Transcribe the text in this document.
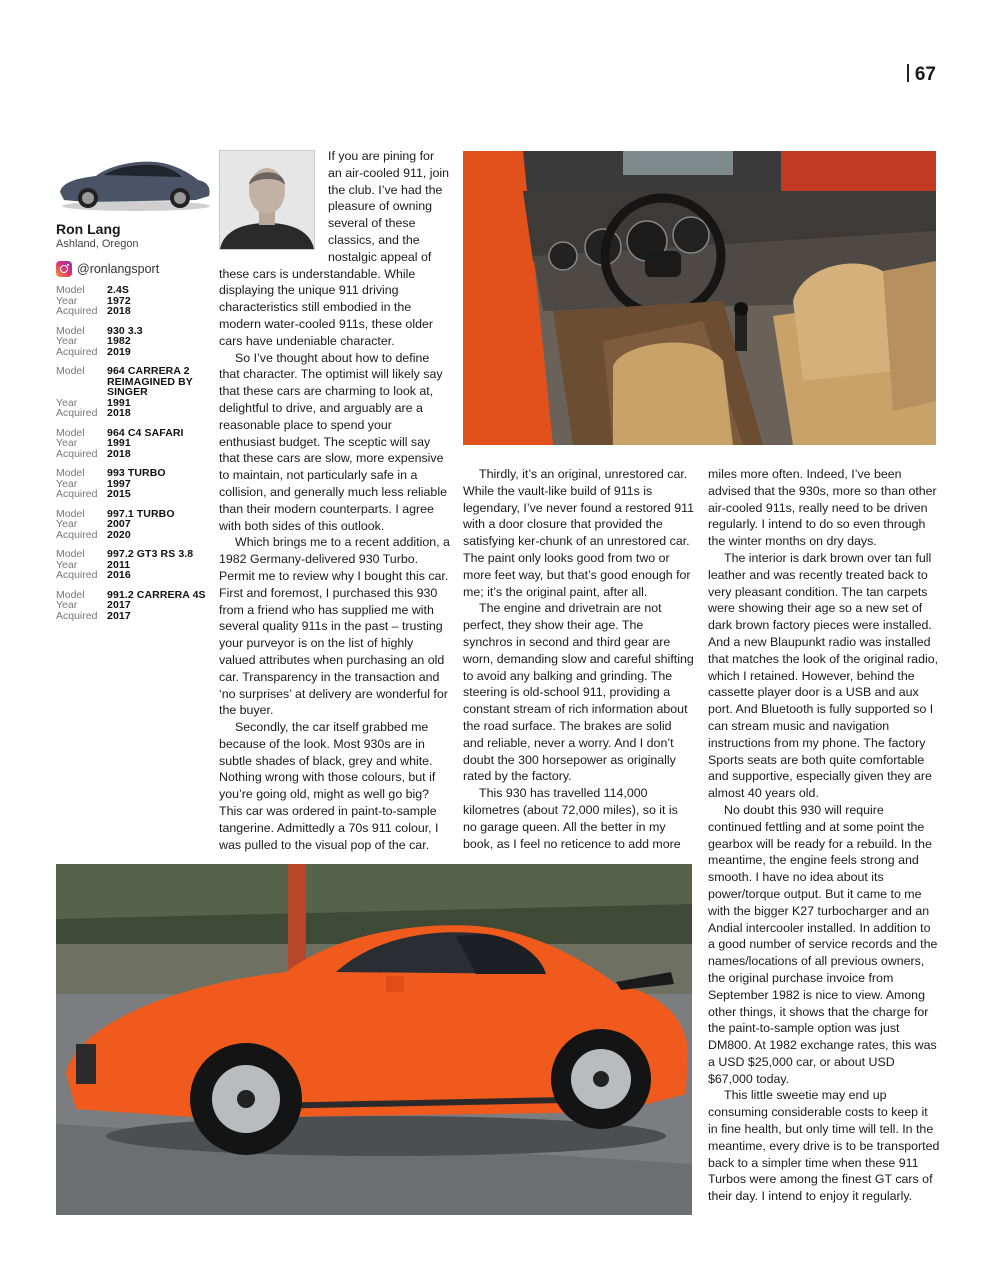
67
Ron Lang
Ashland, Oregon
@ronlangsport
Model	2.4S
Year	1972
Acquired 2018
Model	930 3.3
Year	1982
Acquired 2019
Model	964 CARRERA 2
REIMAGINED BY
SINGER
Year	1991
Acquired 2018
Model	964 C4 SAFARI
Year	1991
Acquired 2018
Model	993 TURBO
Year	1997
Acquired 2015
Model	997.1 TURBO
Year	2007
Acquired 2020
Model	997.2 GT3 RS 3.8
Year	2011
Acquired 2016
Model	991.2 CARRERA 4S
Year	2017
Acquired 2017

If you are pining for an air-cooled 911, join the club. I’ve had the pleasure of owning several of these classics, and the nostalgic appeal of these cars is understandable. While displaying the unique 911 driving characteristics still embodied in the modern water-cooled 911s, these older cars have undeniable character.

So I’ve thought about how to define that character. The optimist will likely say that these cars are charming to look at, delightful to drive, and arguably are a reasonable place to spend your enthusiast budget. The sceptic will say that these cars are slow, more expensive to maintain, not particularly safe in a collision, and generally much less reliable than their modern counterparts. I agree with both sides of this outlook.

Which brings me to a recent addition, a 1982 Germany-delivered 930 Turbo. Permit me to review why I bought this car. First and foremost, I purchased this 930 from a friend who has supplied me with several quality 911s in the past – trusting your purveyor is on the list of highly valued attributes when purchasing an old car. Transparency in the transaction and ‘no surprises’ at delivery are wonderful for the buyer.

Secondly, the car itself grabbed me because of the look. Most 930s are in subtle shades of black, grey and white. Nothing wrong with those colours, but if you’re going old, might as well go big? This car was ordered in paint-to-sample tangerine. Admittedly a 70s 911 colour, I was pulled to the visual pop of the car.

Thirdly, it’s an original, unrestored car. While the vault-like build of 911s is legendary, I’ve never found a restored 911 with a door closure that provided the satisfying ker-chunk of an unrestored car. The paint only looks good from two or more feet way, but that’s good enough for me; it’s the original paint, after all.

The engine and drivetrain are not perfect, they show their age. The synchros in second and third gear are worn, demanding slow and careful shifting to avoid any balking and grinding. The steering is old-school 911, providing a constant stream of rich information about the road surface. The brakes are solid and reliable, never a worry. And I don’t doubt the 300 horsepower as originally rated by the factory.

This 930 has travelled 114,000 kilometres (about 72,000 miles), so it is no garage queen. All the better in my book, as I feel no reticence to add more

miles more often. Indeed, I’ve been advised that the 930s, more so than other air-cooled 911s, really need to be driven regularly. I intend to do so even through the winter months on dry days.

The interior is dark brown over tan full leather and was recently treated back to very pleasant condition. The tan carpets were showing their age so a new set of dark brown factory pieces were installed. And a new Blaupunkt radio was installed that matches the look of the original radio, which I retained. However, behind the cassette player door is a USB and aux port. And Bluetooth is fully supported so I can stream music and navigation instructions from my phone. The factory Sports seats are both quite comfortable and supportive, especially given they are almost 40 years old.

No doubt this 930 will require continued fettling and at some point the gearbox will be ready for a rebuild. In the meantime, the engine feels strong and smooth. I have no idea about its power/torque output. But it came to me with the bigger K27 turbocharger and an Andial intercooler installed. In addition to a good number of service records and the names/locations of all previous owners, the original purchase invoice from September 1982 is nice to view. Among other things, it shows that the charge for the paint-to-sample option was just DM800. At 1982 exchange rates, this was a USD $25,000 car, or about USD $67,000 today.

This little sweetie may end up consuming considerable costs to keep it in fine health, but only time will tell. In the meantime, every drive is to be transported back to a simpler time when these 911 Turbos were among the finest GT cars of their day. I intend to enjoy it regularly.
